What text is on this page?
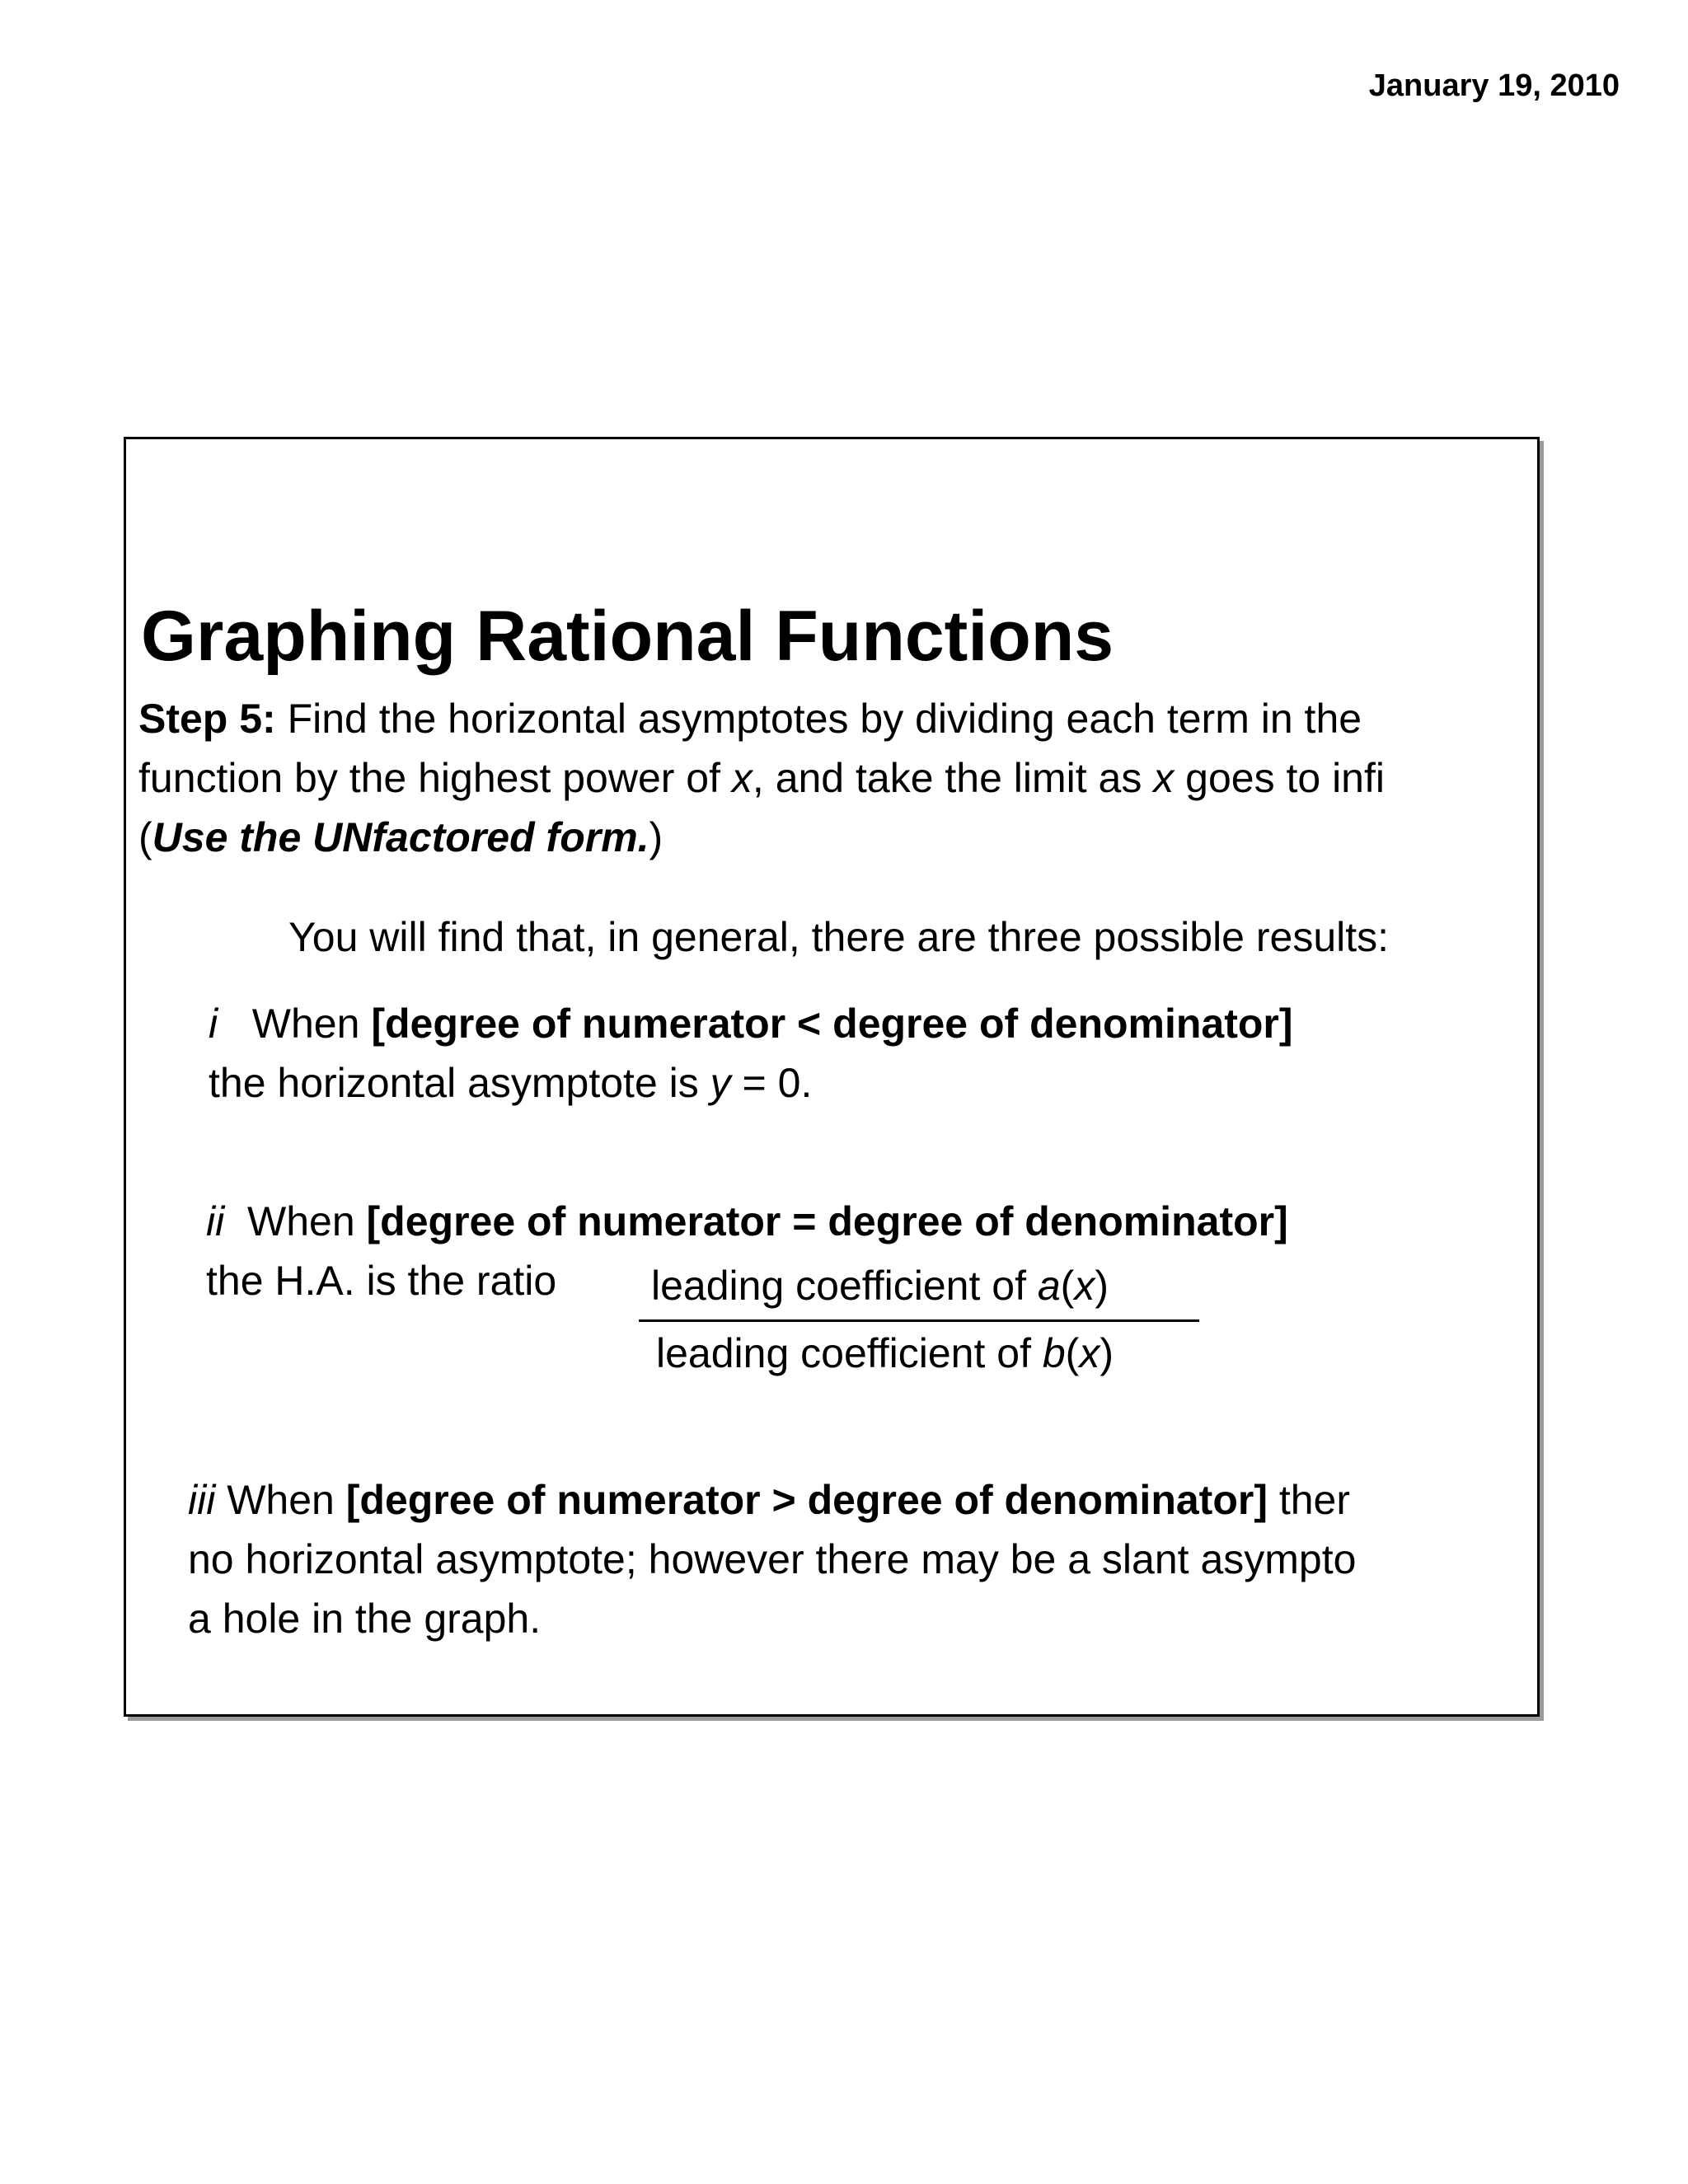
January 19, 2010
Graphing Rational Functions
Step 5: Find the horizontal asymptotes by dividing each term in the
function by the highest power of x, and take the limit as x goes to infi
(Use the UNfactored form.)
You will find that, in general, there are three possible results:
i When [degree of numerator < degree of denominator]
the horizontal asymptote is y = 0.
ii When [degree of numerator = degree of denominator]
the H.A. is the ratio leading coefficient of a(x)
leading coefficient of b(x)
iii When [degree of numerator > degree of denominator] ther
no horizontal asymptote; however there may be a slant asympto
a hole in the graph.
